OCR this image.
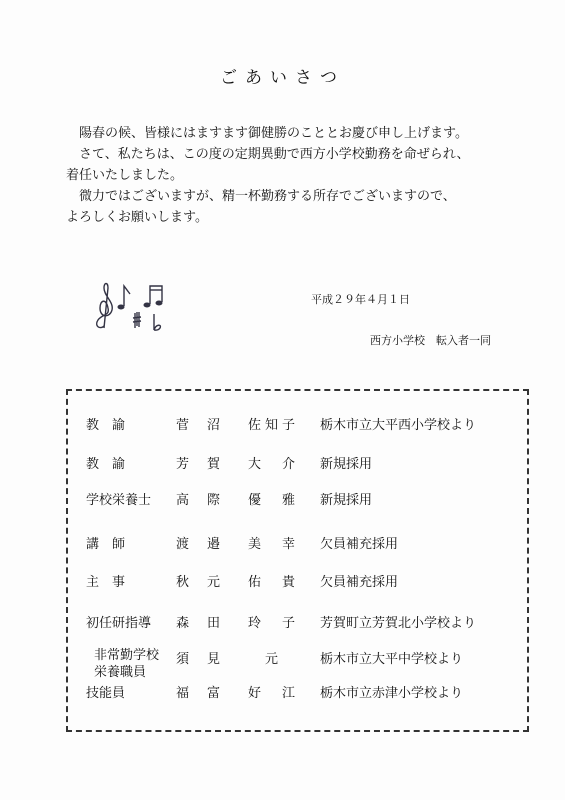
ごあいさつ

陽春の候、皆様にはますます御健勝のこととお慶び申し上げます。

さて、私たちは、この度の定期異動で西方小学校勤務を命ぜられ、

着任いたしました。

微力ではございますが、精一杯勤務する所存でございますので、

よろしくお願いします。

平成２９年４月１日
西方小学校　転入者一同
教　諭	菅沼 佐知子 栃木市立大平西小学校より
教　諭	芳賀 大　介 新規採用
学校栄養士 高際 優　雅 新規採用
講　師	渡邉 美　幸 欠員補充採用
主　事	秋元 佑　貴 欠員補充採用
初任研指導 森田 玲　子 芳賀町立芳賀北小学校より
非常勤学校
栄養職員
須見 　元	栃木市立大平中学校より
技能員	福富 好　江 栃木市立赤津小学校より
